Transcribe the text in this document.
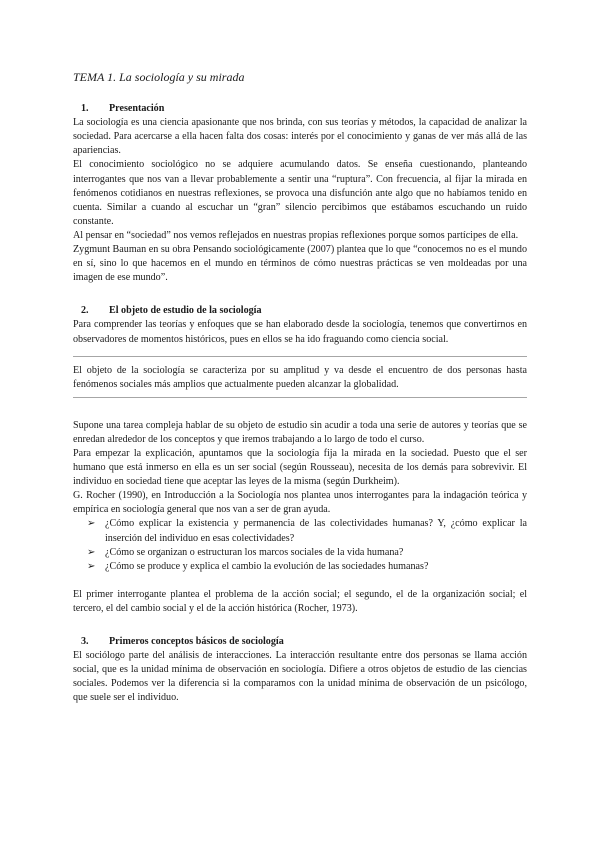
TEMA 1. La sociología y su mirada
1.	Presentación

La sociología es una ciencia apasionante que nos brinda, con sus teorías y métodos, la capacidad de analizar la sociedad. Para acercarse a ella hacen falta dos cosas: interés por el conocimiento y ganas de ver más allá de las apariencias.

El conocimiento sociológico no se adquiere acumulando datos. Se enseña cuestionando, planteando interrogantes que nos van a llevar probablemente a sentir una “ruptura”. Con frecuencia, al fijar la mirada en fenómenos cotidianos en nuestras reflexiones, se provoca una disfunción ante algo que no habíamos tenido en cuenta. Similar a cuando al escuchar un “gran” silencio percibimos que estábamos escuchando un ruido constante.

Al pensar en “sociedad” nos vemos reflejados en nuestras propias reflexiones porque somos partícipes de ella.

Zygmunt Bauman en su obra Pensando sociológicamente (2007) plantea que lo que “conocemos no es el mundo en sí, sino lo que hacemos en el mundo en términos de cómo nuestras prácticas se ven moldeadas por una imagen de ese mundo”.

2.	El objeto de estudio de la sociología

Para comprender las teorías y enfoques que se han elaborado desde la sociología, tenemos que convertirnos en observadores de momentos históricos, pues en ellos se ha ido fraguando como ciencia social.

El objeto de la sociología se caracteriza por su amplitud y va desde el encuentro de dos personas hasta fenómenos sociales más amplios que actualmente pueden alcanzar la globalidad.

Supone una tarea compleja hablar de su objeto de estudio sin acudir a toda una serie de autores y teorías que se enredan alrededor de los conceptos y que iremos trabajando a lo largo de todo el curso.

Para empezar la explicación, apuntamos que la sociología fija la mirada en la sociedad. Puesto que el ser humano que está inmerso en ella es un ser social (según Rousseau), necesita de los demás para sobrevivir. El individuo en sociedad tiene que aceptar las leyes de la misma (según Durkheim).

G. Rocher (1990), en Introducción a la Sociología nos plantea unos interrogantes para la indagación teórica y empírica en sociología general que nos van a ser de gran ayuda.

➢ ¿Cómo explicar la existencia y permanencia de las colectividades humanas? Y, ¿cómo explicar la inserción del individuo en esas colectividades?
➢ ¿Cómo se organizan o estructuran los marcos sociales de la vida humana?
➢ ¿Cómo se produce y explica el cambio la evolución de las sociedades humanas?

El primer interrogante plantea el problema de la acción social; el segundo, el de la organización social; el tercero, el del cambio social y el de la acción histórica (Rocher, 1973).

3.	Primeros conceptos básicos de sociología

El sociólogo parte del análisis de interacciones. La interacción resultante entre dos personas se llama acción social, que es la unidad mínima de observación en sociología. Difiere a otros objetos de estudio de las ciencias sociales. Podemos ver la diferencia si la comparamos con la unidad mínima de observación de un psicólogo, que suele ser el individuo.
